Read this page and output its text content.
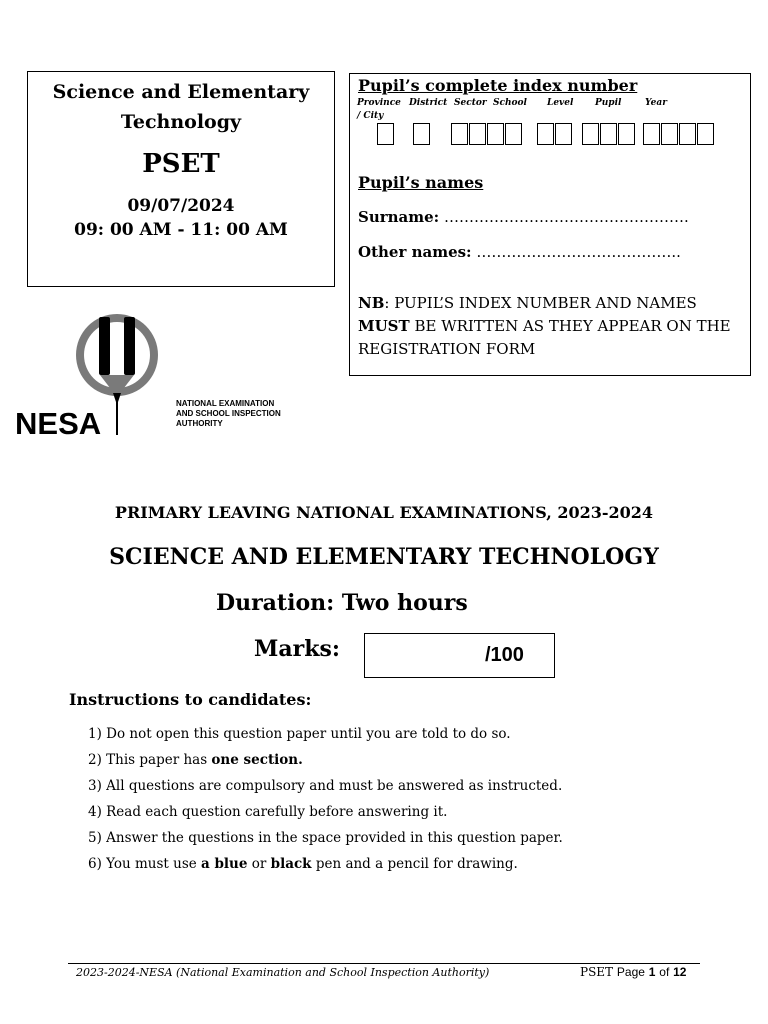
Science and Elementary
Technology
PSET
09/07/2024
09: 00 AM - 11: 00 AM
Pupil’s complete index number
Province District Sector School Level Pupil	Year
/ City
Pupil’s names
Surname: ………………………………………….
Other names: …………………………………..
NB: PUPIL’S INDEX NUMBER AND NAMES
MUST BE WRITTEN AS THEY APPEAR ON THE REGISTRATION FORM
NESA
NATIONAL EXAMINATION
AND SCHOOL INSPECTION
AUTHORITY
PRIMARY LEAVING NATIONAL EXAMINATIONS, 2023-2024
SCIENCE AND ELEMENTARY TECHNOLOGY
Duration: Two hours
Marks:	/100
Instructions to candidates:
1) Do not open this question paper until you are told to do so.
2) This paper has one section.
3) All questions are compulsory and must be answered as instructed.
4) Read each question carefully before answering it.
5) Answer the questions in the space provided in this question paper.
6) You must use a blue or black pen and a pencil for drawing.
2023-2024-NESA (National Examination and School Inspection Authority)	PSET Page 1 of 12
